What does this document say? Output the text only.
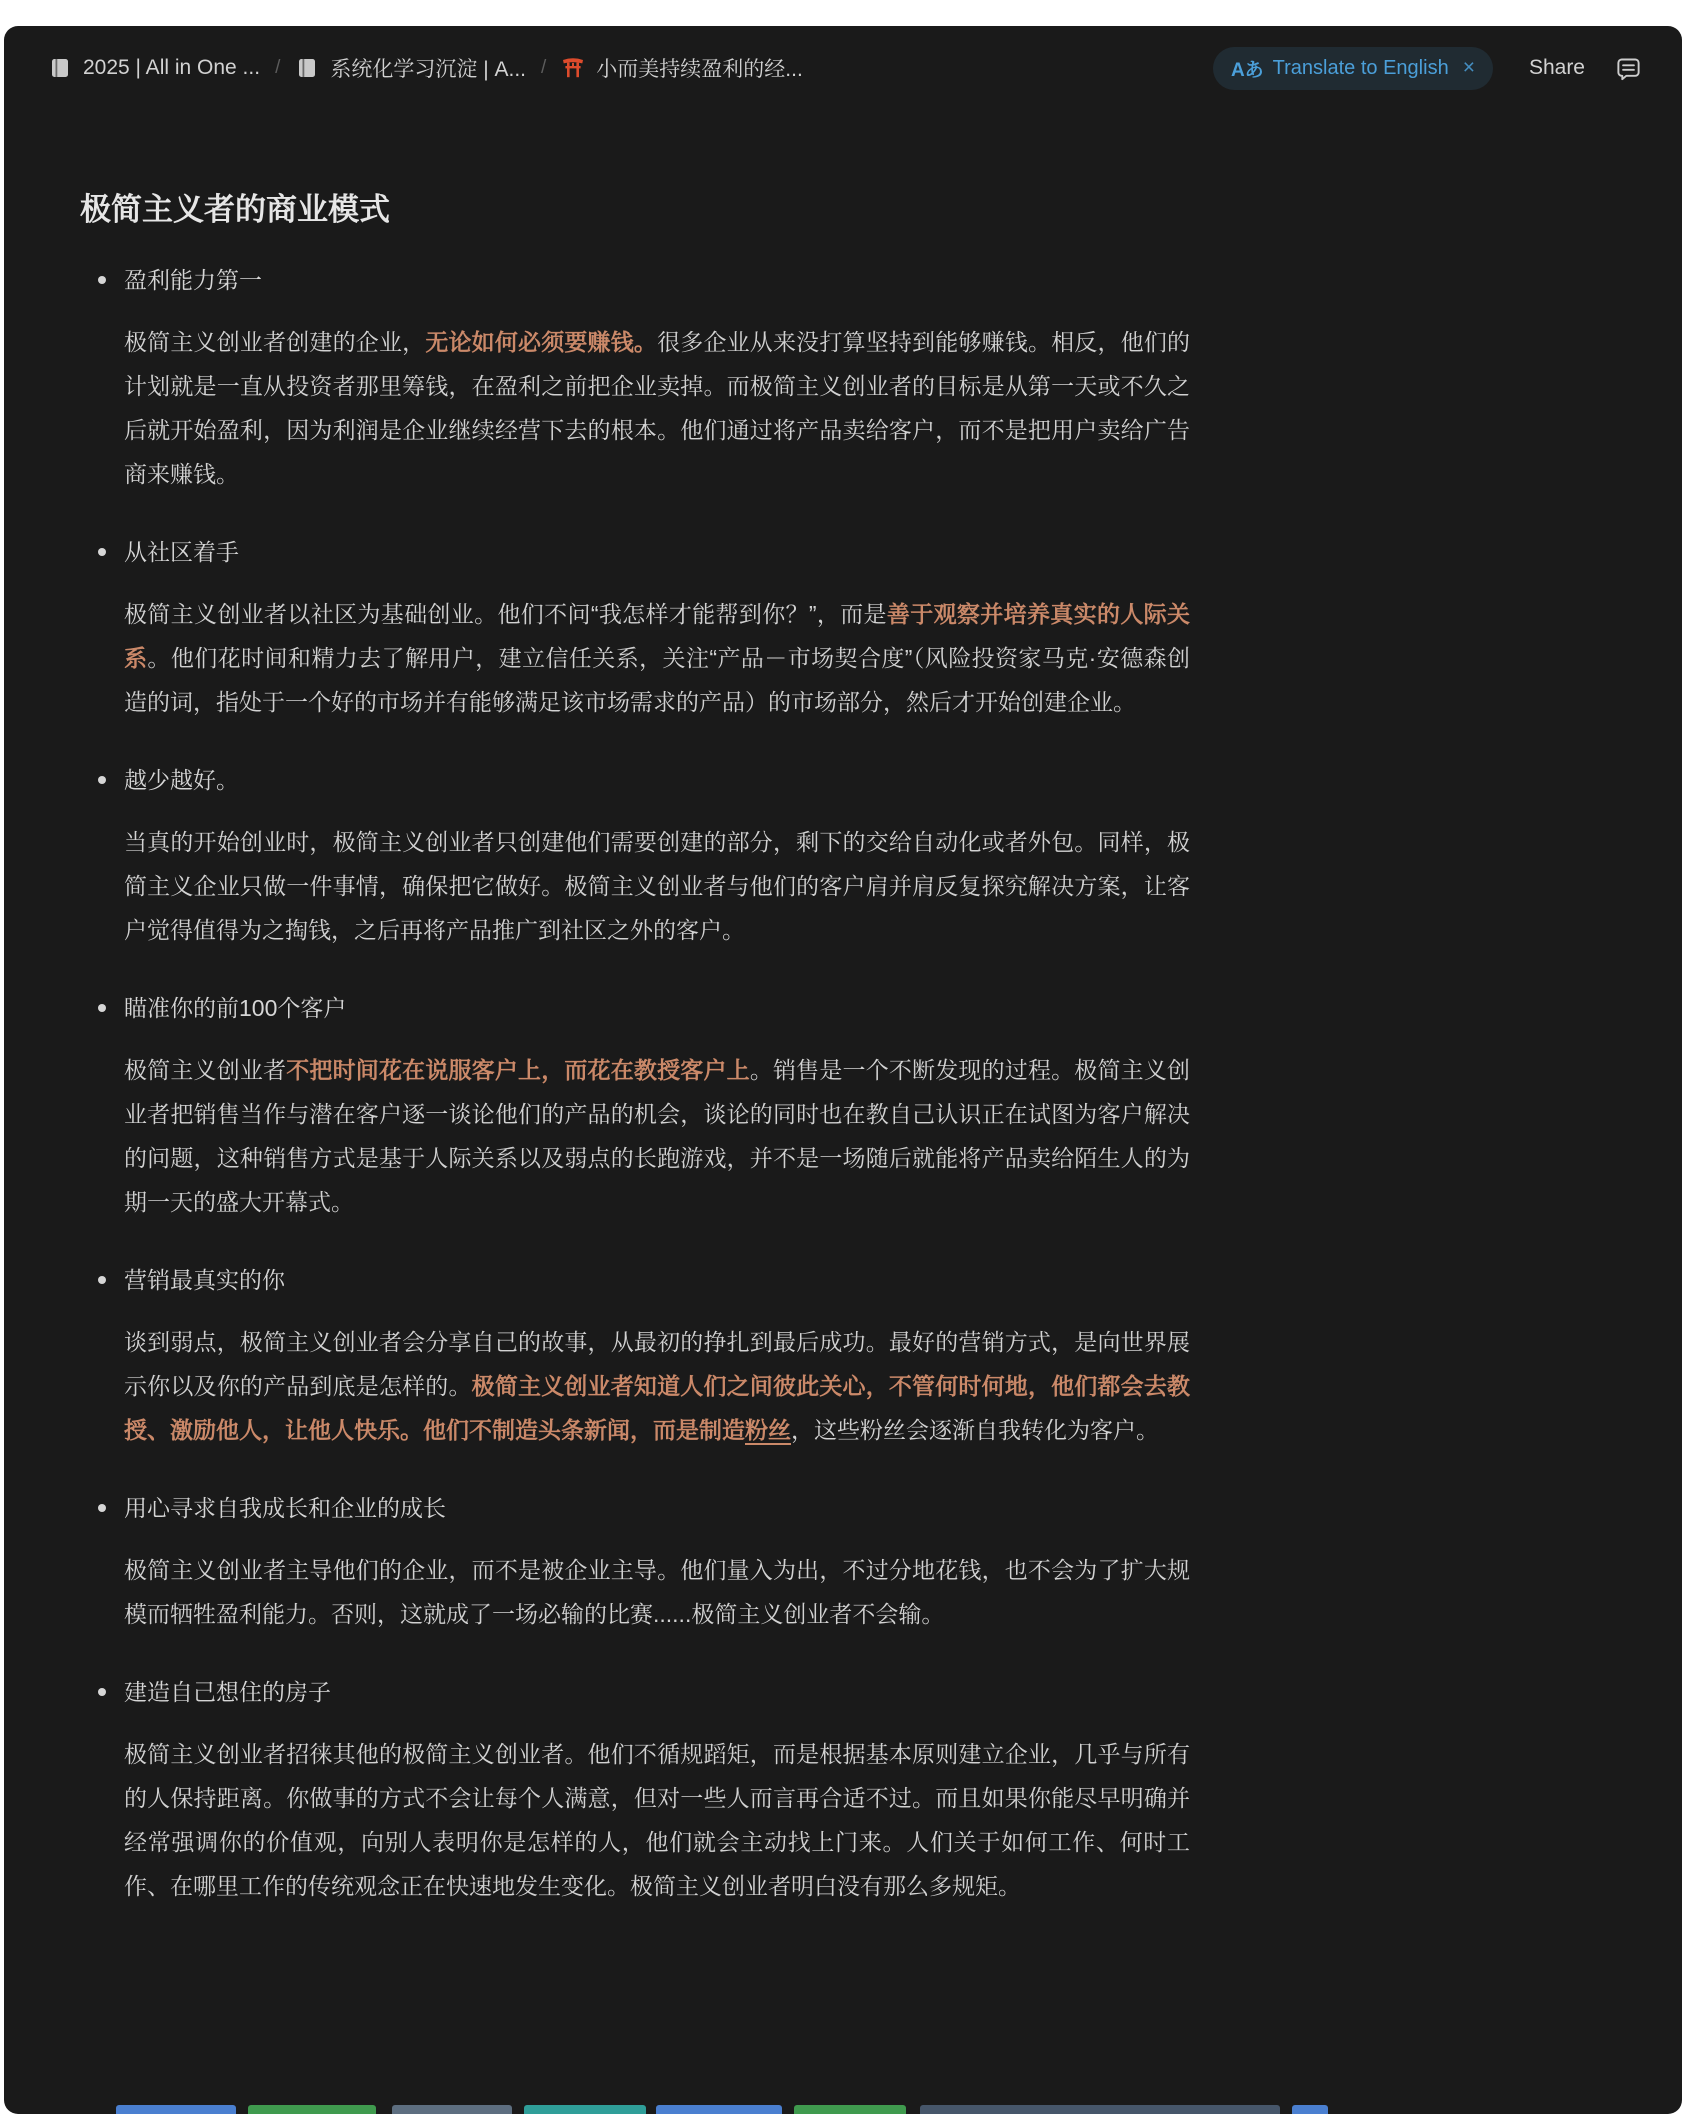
2025 | All in One ... / 系统化学习沉淀 | A... / 小而美持续盈利的经...	Aあ Translate to English ×	Share
极简主义者的商业模式
盈利能力第一
极简主义创业者创建的企业，无论如何必须要赚钱。很多企业从来没打算坚持到能够赚钱。相反，他们的计划就是一直从投资者那里筹钱，在盈利之前把企业卖掉。而极简主义创业者的目标是从第一天或不久之后就开始盈利，因为利润是企业继续经营下去的根本。他们通过将产品卖给客户，而不是把用户卖给广告商来赚钱。
从社区着手
极简主义创业者以社区为基础创业。他们不问“我怎样才能帮到你？”，而是善于观察并培养真实的人际关系。他们花时间和精力去了解用户，建立信任关系，关注“产品－市场契合度”（风险投资家马克·安德森创造的词，指处于一个好的市场并有能够满足该市场需求的产品）的市场部分，然后才开始创建企业。
越少越好。
当真的开始创业时，极简主义创业者只创建他们需要创建的部分，剩下的交给自动化或者外包。同样，极简主义企业只做一件事情，确保把它做好。极简主义创业者与他们的客户肩并肩反复探究解决方案，让客户觉得值得为之掏钱，之后再将产品推广到社区之外的客户。
瞄准你的前100个客户
极简主义创业者不把时间花在说服客户上，而花在教授客户上。销售是一个不断发现的过程。极简主义创业者把销售当作与潜在客户逐一谈论他们的产品的机会，谈论的同时也在教自己认识正在试图为客户解决的问题，这种销售方式是基于人际关系以及弱点的长跑游戏，并不是一场随后就能将产品卖给陌生人的为期一天的盛大开幕式。
营销最真实的你
谈到弱点，极简主义创业者会分享自己的故事，从最初的挣扎到最后成功。最好的营销方式，是向世界展示你以及你的产品到底是怎样的。极简主义创业者知道人们之间彼此关心，不管何时何地，他们都会去教授、激励他人，让他人快乐。他们不制造头条新闻，而是制造粉丝，这些粉丝会逐渐自我转化为客户。
用心寻求自我成长和企业的成长
极简主义创业者主导他们的企业，而不是被企业主导。他们量入为出，不过分地花钱，也不会为了扩大规模而牺牲盈利能力。否则，这就成了一场必输的比赛......极简主义创业者不会输。
建造自己想住的房子
极简主义创业者招徕其他的极简主义创业者。他们不循规蹈矩，而是根据基本原则建立企业，几乎与所有的人保持距离。你做事的方式不会让每个人满意，但对一些人而言再合适不过。而且如果你能尽早明确并经常强调你的价值观，向别人表明你是怎样的人，他们就会主动找上门来。人们关于如何工作、何时工作、在哪里工作的传统观念正在快速地发生变化。极简主义创业者明白没有那么多规矩。
